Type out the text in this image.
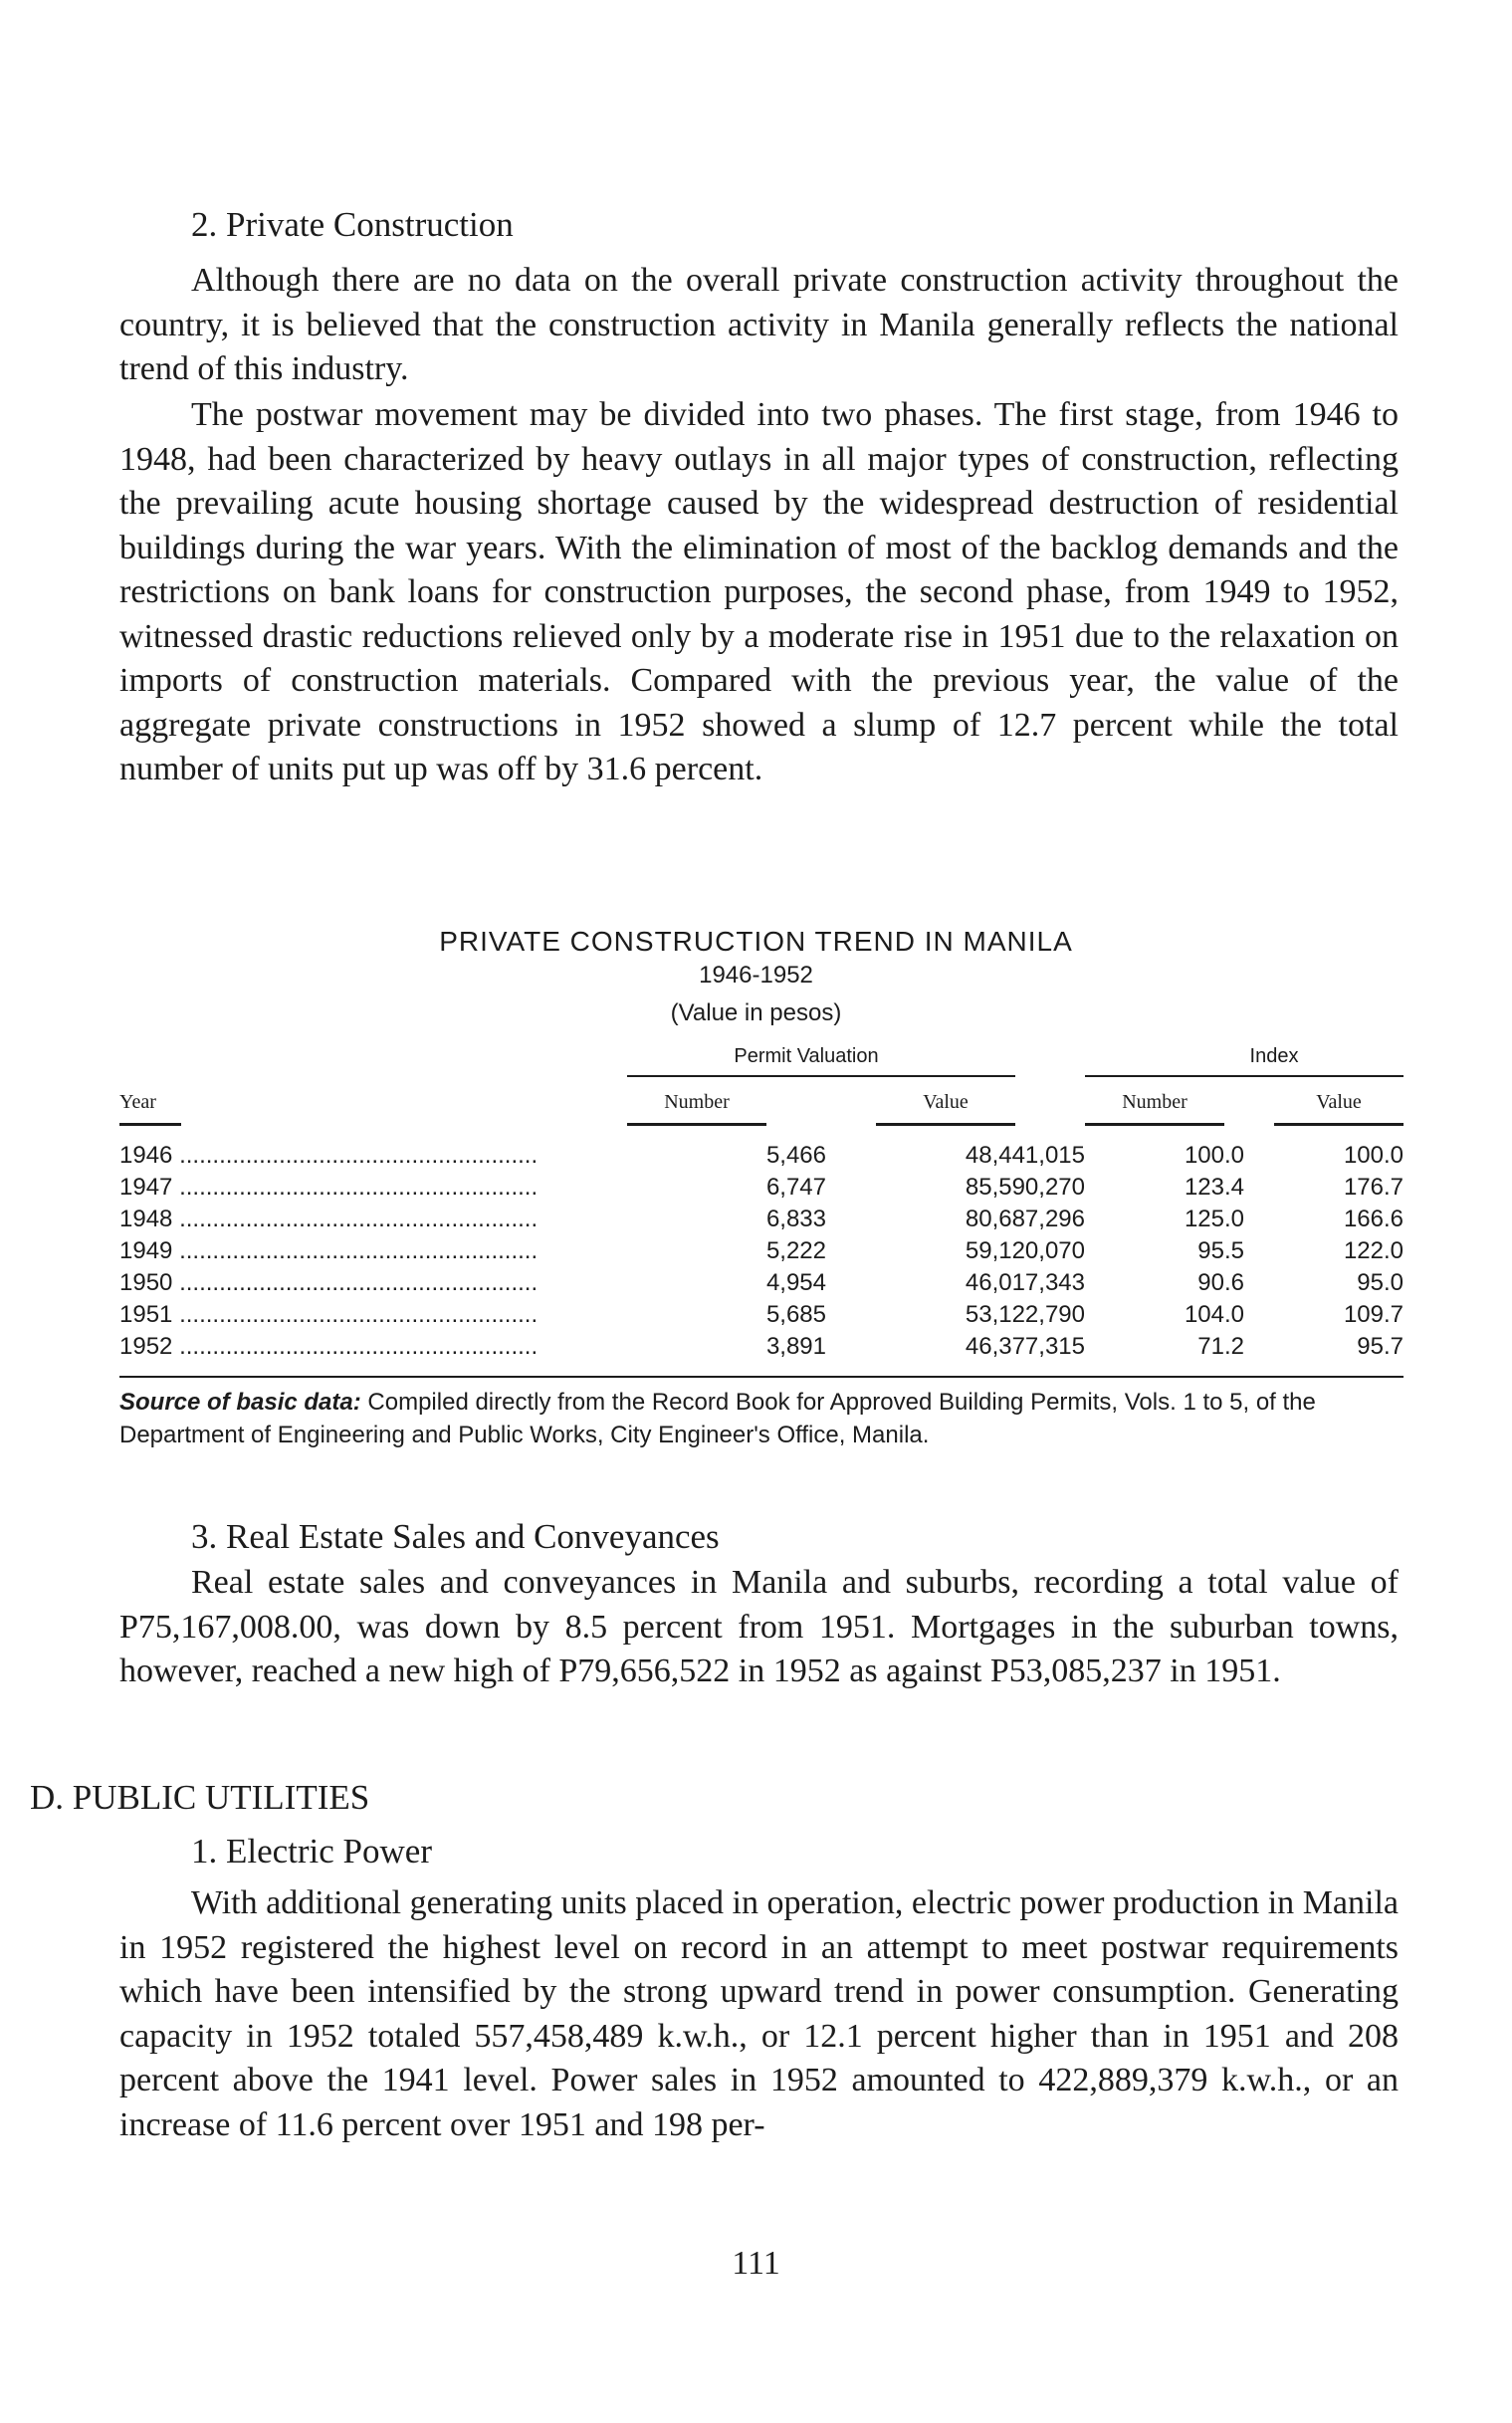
2. Private Construction

Although there are no data on the overall private construction activity throughout the country, it is believed that the construction activity in Manila generally reflects the national trend of this industry.

The postwar movement may be divided into two phases. The first stage, from 1946 to 1948, had been characterized by heavy outlays in all major types of construction, reflecting the prevailing acute housing shortage caused by the widespread destruction of residential buildings during the war years. With the elimination of most of the backlog demands and the restrictions on bank loans for construction purposes, the second phase, from 1949 to 1952, witnessed drastic reductions relieved only by a moderate rise in 1951 due to the relaxation on imports of construction materials. Compared with the previous year, the value of the aggregate private constructions in 1952 showed a slump of 12.7 percent while the total number of units put up was off by 31.6 percent.

PRIVATE CONSTRUCTION TREND IN MANILA
1946-1952
(Value in pesos)
Permit Valuation	Index
Year	Number	Value	Number	Value
1946 ......................................................	5,466	48,441,015	100.0	100.0
1947 ......................................................	6,747	85,590,270	123.4	176.7
1948 ......................................................	6,833	80,687,296	125.0	166.6
1949 ......................................................	5,222	59,120,070	95.5	122.0
1950 ......................................................	4,954	46,017,343	90.6	95.0
1951 ......................................................	5,685	53,122,790	104.0	109.7
1952 ......................................................	3,891	46,377,315	71.2	95.7

Source of basic data: Compiled directly from the Record Book for Approved Building Permits, Vols. 1 to 5, of the Department of Engineering and Public Works, City Engineer's Office, Manila.

3. Real Estate Sales and Conveyances

Real estate sales and conveyances in Manila and suburbs, recording a total value of P75,167,008.00, was down by 8.5 percent from 1951. Mortgages in the suburban towns, however, reached a new high of P79,656,522 in 1952 as against P53,085,237 in 1951.

D. PUBLIC UTILITIES
1. Electric Power

With additional generating units placed in operation, electric power production in Manila in 1952 registered the highest level on record in an attempt to meet postwar requirements which have been intensified by the strong upward trend in power consumption. Generating capacity in 1952 totaled 557,458,489 k.w.h., or 12.1 percent higher than in 1951 and 208 percent above the 1941 level. Power sales in 1952 amounted to 422,889,379 k.w.h., or an increase of 11.6 percent over 1951 and 198 per-

111
